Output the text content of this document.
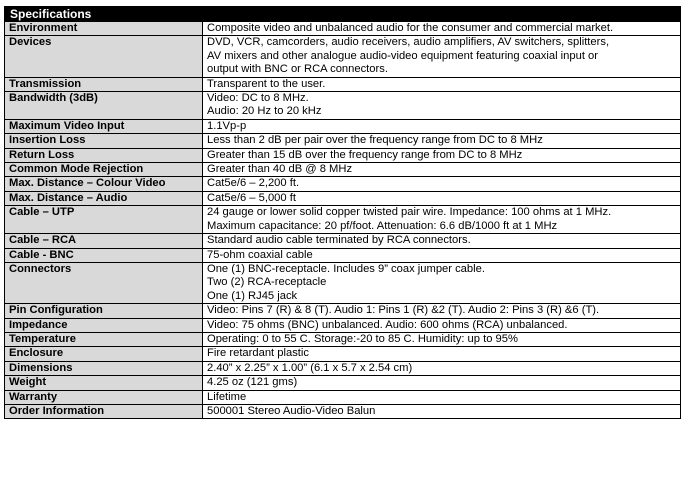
Specifications	
Environment	Composite video and unbalanced audio for the consumer and commercial market.

Devices	DVD, VCR, camcorders, audio receivers, audio amplifiers, AV switchers, splitters,
AV mixers and other analogue audio-video equipment featuring coaxial input or
output with BNC or RCA connectors.

Transmission	Transparent to the user.

Bandwidth (3dB)	Video: DC to 8 MHz.
Audio: 20 Hz to 20 kHz

Maximum Video Input	1.1Vp-p

Insertion Loss	Less than 2 dB per pair over the frequency range from DC to 8 MHz

Return Loss	Greater than 15 dB over the frequency range from DC to 8 MHz

Common Mode Rejection	Greater than 40 dB @ 8 MHz

Max. Distance – Colour Video	Cat5e/6 – 2,200 ft.

Max. Distance – Audio	Cat5e/6 – 5,000 ft

Cable – UTP	24 gauge or lower solid copper twisted pair wire. Impedance: 100 ohms at 1 MHz.
Maximum capacitance: 20 pf/foot. Attenuation: 6.6 dB/1000 ft at 1 MHz

Cable – RCA	Standard audio cable terminated by RCA connectors.

Cable - BNC	75-ohm coaxial cable

Connectors	One (1) BNC-receptacle. Includes 9” coax jumper cable.
Two (2) RCA-receptacle
One (1) RJ45 jack

Pin Configuration	Video: Pins 7 (R) & 8 (T). Audio 1: Pins 1 (R) &2 (T). Audio 2: Pins 3 (R) &6 (T).

Impedance	Video: 75 ohms (BNC) unbalanced. Audio: 600 ohms (RCA) unbalanced.

Temperature	Operating: 0 to 55 C. Storage:-20 to 85 C. Humidity: up to 95%

Enclosure	Fire retardant plastic

Dimensions	2.40” x 2.25” x 1.00” (6.1 x 5.7 x 2.54 cm)

Weight	4.25 oz (121 gms)

Warranty	Lifetime

Order Information	500001 Stereo Audio-Video Balun
